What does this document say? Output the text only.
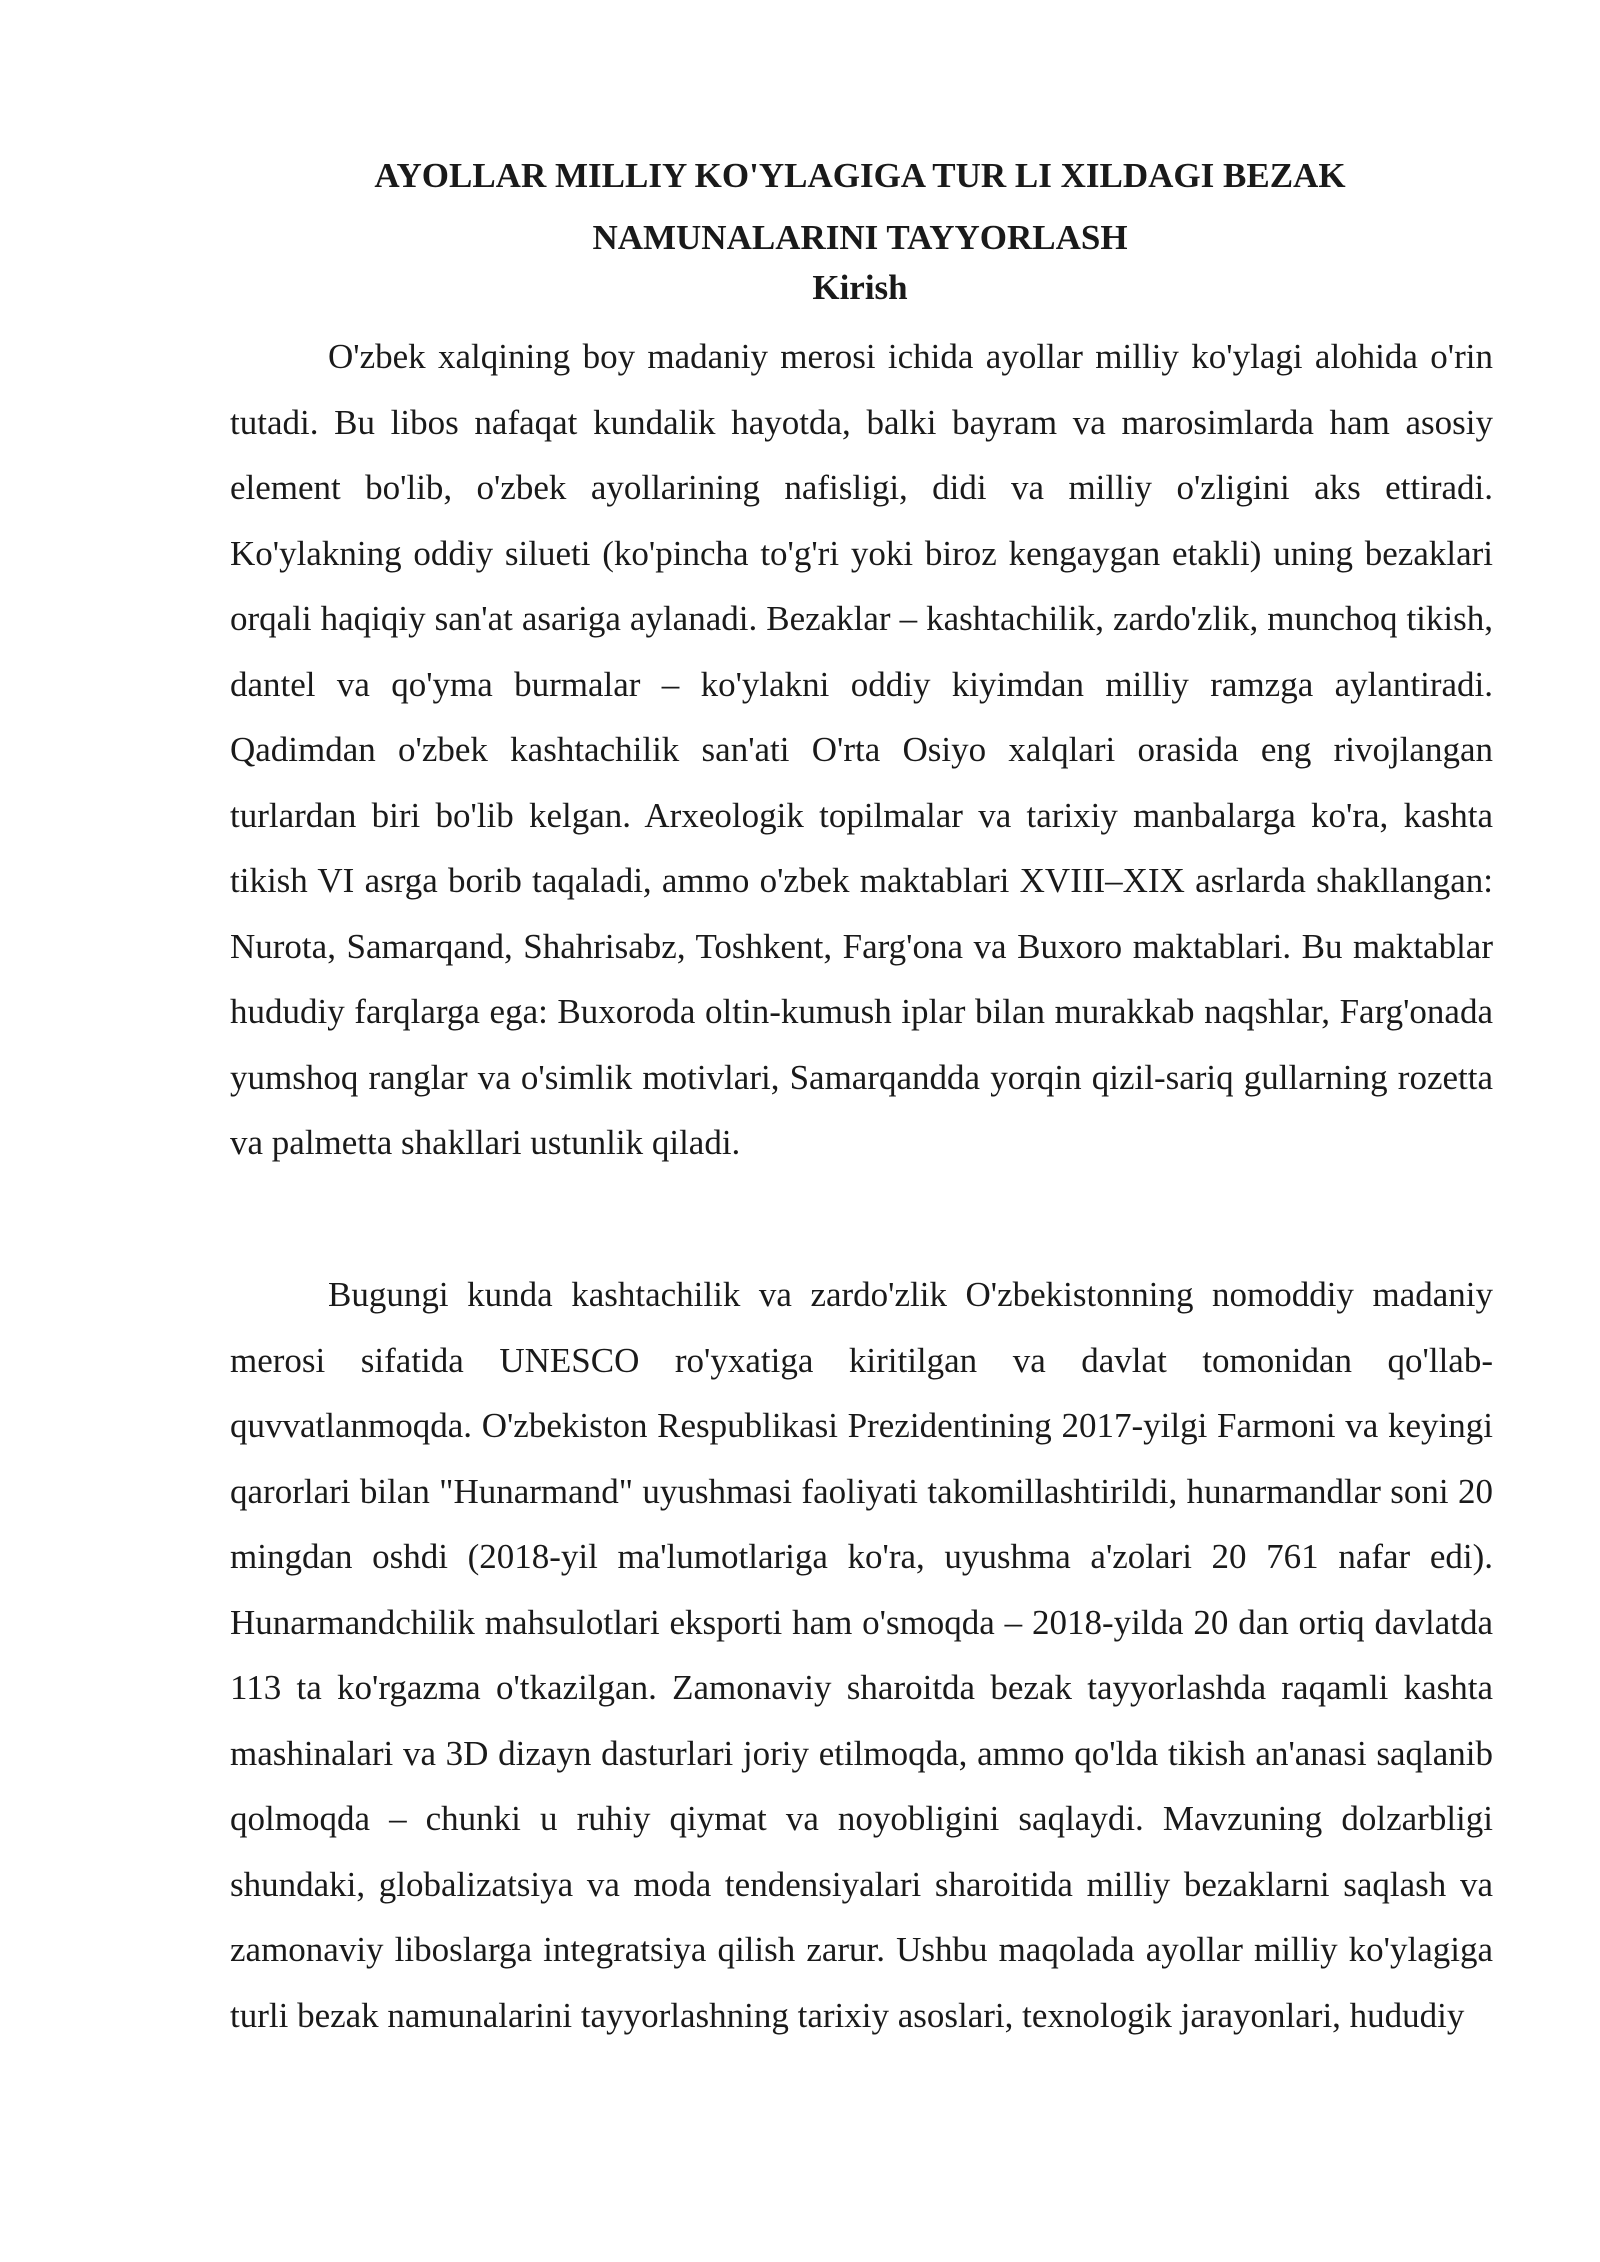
AYOLLAR MILLIY KO'YLAGIGA TUR LI XILDAGI BEZAK NAMUNALARINI TAYYORLASH
Kirish

O'zbek xalqining boy madaniy merosi ichida ayollar milliy ko'ylagi alohida o'rin tutadi. Bu libos nafaqat kundalik hayotda, balki bayram va marosimlarda ham asosiy element bo'lib, o'zbek ayollarining nafisligi, didi va milliy o'zligini aks ettiradi. Ko'ylakning oddiy silueti (ko'pincha to'g'ri yoki biroz kengaygan etakli) uning bezaklari orqali haqiqiy san'at asariga aylanadi. Bezaklar – kashtachilik, zardo'zlik, munchoq tikish, dantel va qo'yma burmalar – ko'ylakni oddiy kiyimdan milliy ramzga aylantiradi. Qadimdan o'zbek kashtachilik san'ati O'rta Osiyo xalqlari orasida eng rivojlangan turlardan biri bo'lib kelgan. Arxeologik topilmalar va tarixiy manbalarga ko'ra, kashta tikish VI asrga borib taqaladi, ammo o'zbek maktablari XVIII–XIX asrlarda shakllangan: Nurota, Samarqand, Shahrisabz, Toshkent, Farg'ona va Buxoro maktablari. Bu maktablar hududiy farqlarga ega: Buxoroda oltin-kumush iplar bilan murakkab naqshlar, Farg'onada yumshoq ranglar va o'simlik motivlari, Samarqandda yorqin qizil-sariq gullarning rozetta va palmetta shakllari ustunlik qiladi.

Bugungi kunda kashtachilik va zardo'zlik O'zbekistonning nomoddiy madaniy merosi sifatida UNESCO ro'yxatiga kiritilgan va davlat tomonidan qo'llab-quvvatlanmoqda. O'zbekiston Respublikasi Prezidentining 2017-yilgi Farmoni va keyingi qarorlari bilan "Hunarmand" uyushmasi faoliyati takomillashtirildi, hunarmandlar soni 20 mingdan oshdi (2018-yil ma'lumotlariga ko'ra, uyushma a'zolari 20 761 nafar edi). Hunarmandchilik mahsulotlari eksporti ham o'smoqda – 2018-yilda 20 dan ortiq davlatda 113 ta ko'rgazma o'tkazilgan. Zamonaviy sharoitda bezak tayyorlashda raqamli kashta mashinalari va 3D dizayn dasturlari joriy etilmoqda, ammo qo'lda tikish an'anasi saqlanib qolmoqda – chunki u ruhiy qiymat va noyobligini saqlaydi. Mavzuning dolzarbligi shundaki, globalizatsiya va moda tendensiyalari sharoitida milliy bezaklarni saqlash va zamonaviy liboslarga integratsiya qilish zarur. Ushbu maqolada ayollar milliy ko'ylagiga turli bezak namunalarini tayyorlashning tarixiy asoslari, texnologik jarayonlari, hududiy
